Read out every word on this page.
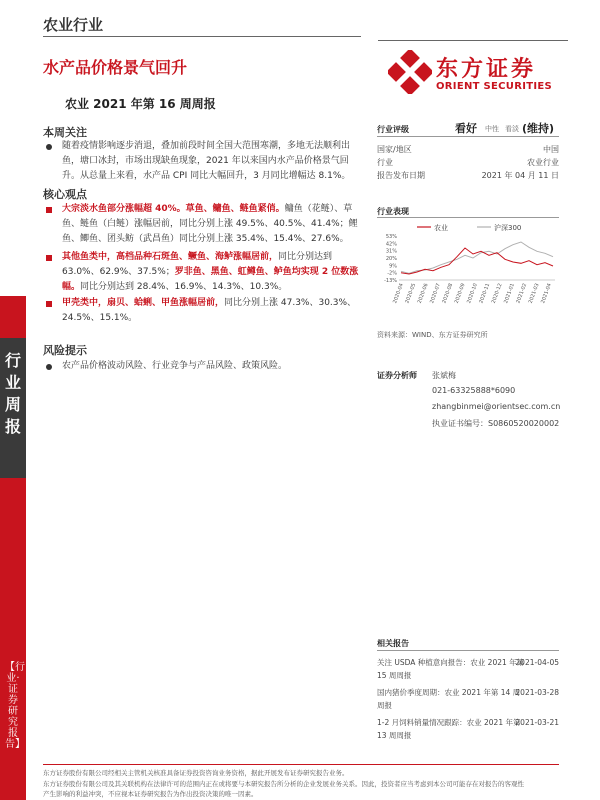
行业周报
【行业·证券研究报告】
农业行业
水产品价格景气回升
农业 2021 年第 16 周周报
东方证券
ORIENT SECURITIES
本周关注
随着疫情影响逐步消退，叠加前段时间全国大范围寒潮，多地无法顺利出鱼，塘口冰封，市场出现缺鱼现象，2021 年以来国内水产品价格景气回升。从总量上来看，水产品 CPI 同比大幅回升，3 月同比增幅达 8.1%。
核心观点
大宗淡水鱼部分涨幅超 40%。草鱼、鳙鱼、鲢鱼紧俏。鳙鱼（花鲢）、草鱼、鲢鱼（白鲢）涨幅居前，同比分别上涨 49.5%、40.5%、41.4%；鲤鱼、鲫鱼、团头鲂（武昌鱼）同比分别上涨 35.4%、15.4%、27.6%。
其他鱼类中，高档品种石斑鱼、鳜鱼、海鲈涨幅居前，同比分别达到 63.0%、62.9%、37.5%；罗非鱼、黑鱼、虹鳟鱼、鲈鱼均实现 2 位数涨幅。同比分别达到 28.4%、16.9%、14.3%、10.3%。
甲壳类中，扇贝、蛤蜊、甲鱼涨幅居前，同比分别上涨 47.3%、30.3%、24.5%、15.1%。
风险提示
农产品价格波动风险、行业竞争与产品风险、政策风险。
行业评级	看好 中性 看淡 (维持)
国家/地区	中国
行业	农业行业
报告发布日期	2021 年 04 月 11 日
行业表现
农业	沪深300
-13%
-2%
9%
20%
31%
42%
53%
2020-04 2020-05 2020-06 2020-07 2020-08 2020-09 2020-10 2020-11 2020-12 2021-01 2021-02 2021-03 2021-04
资料来源：WIND、东方证券研究所
证券分析师 张斌梅
021-63325888*6090
zhangbinmei@orientsec.com.cn
执业证书编号：S0860520020002
相关报告
关注 USDA 种植意向报告：农业 2021 年第 15 周周报
2021-04-05
国内猪价季度周期：农业 2021 年第 14 周周报
2021-03-28
1-2 月饲料销量情况跟踪：农业 2021 年第 13 周周报
2021-03-21
东方证券股份有限公司经相关主管机关核准具备证券投资咨询业务资格，据此开展发布证券研究报告业务。
东方证券股份有限公司及其关联机构在法律许可的范围内正在或将要与本研究报告所分析的企业发展业务关系。因此，投资者应当考虑到本公司可能存在对报告的客观性
产生影响的利益冲突，不应视本证券研究报告为作出投资决策的唯一因素。
